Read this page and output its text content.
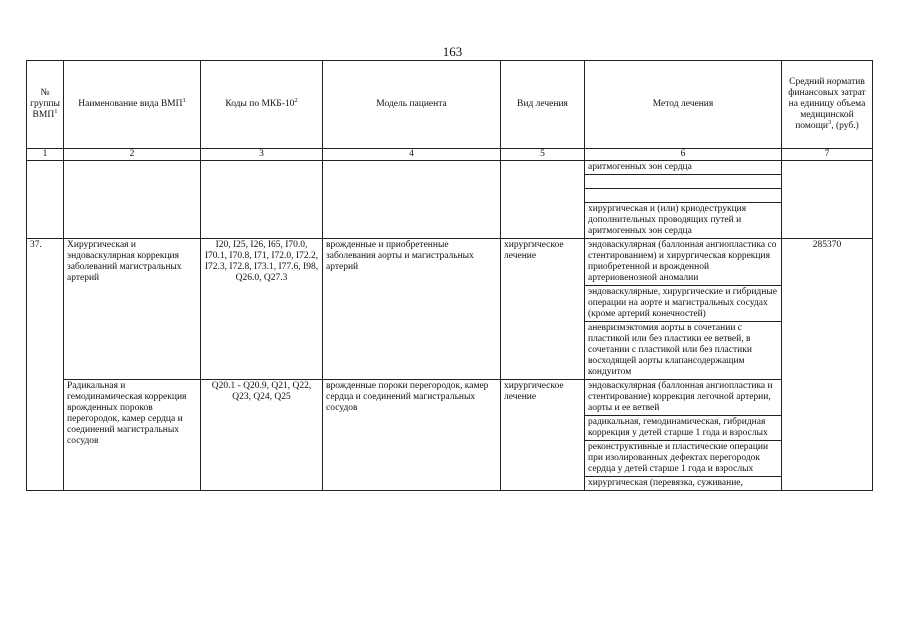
163
№ группы ВМП$^1$	Наименование вида ВМП$^1$	Коды по МКБ-$10^2$	Модель пациента	Вид лечения	Метод лечения	Средний норматив финансовых затрат на единицу объема медицинской помощи$^3$, (руб.)
1	2	3	4	5	6	7
					аритмогенных зон сердца	

					хирургическая и (или) криодеструкция дополнительных проводящих путей и аритмогенных зон сердца	
37.	Хирургическая и эндоваскулярная коррекция заболеваний магистральных артерий	I20, I25, I26, I65, I70.0, I70.1, I70.8, I71, I72.0, I72.2, I72.3, I72.8, I73.1, I77.6, I98, Q26.0, Q27.3	врожденные и приобретенные заболевания аорты и магистральных артерий	хирургическое лечение	эндоваскулярная (баллонная ангиопластика со стентированием) и хирургическая коррекция приобретенной и врожденной артериовенозной аномалии	285370
					эндоваскулярные, хирургические и гибридные операции на аорте и магистральных сосудах (кроме артерий конечностей)	
					аневризмэктомия аорты в сочетании с пластикой или без пластики ее ветвей, в сочетании с пластикой или без пластики восходящей аорты клапансодержащим кондуитом	
	Радикальная и гемодинамическая коррекция врожденных пороков перегородок, камер сердца и соединений магистральных сосудов	Q20.1 - Q20.9, Q21, Q22, Q23, Q24, Q25	врожденные пороки перегородок, камер сердца и соединений магистральных сосудов	хирургическое лечение	эндоваскулярная (баллонная ангиопластика и стентирование) коррекция легочной артерии, аорты и ее ветвей	
					радикальная, гемодинамическая, гибридная коррекция у детей старше 1 года и взрослых	
					реконструктивные и пластические операции при изолированных дефектах перегородок сердца у детей старше 1 года и взрослых	
					хирургическая (перевязка, суживание,	
